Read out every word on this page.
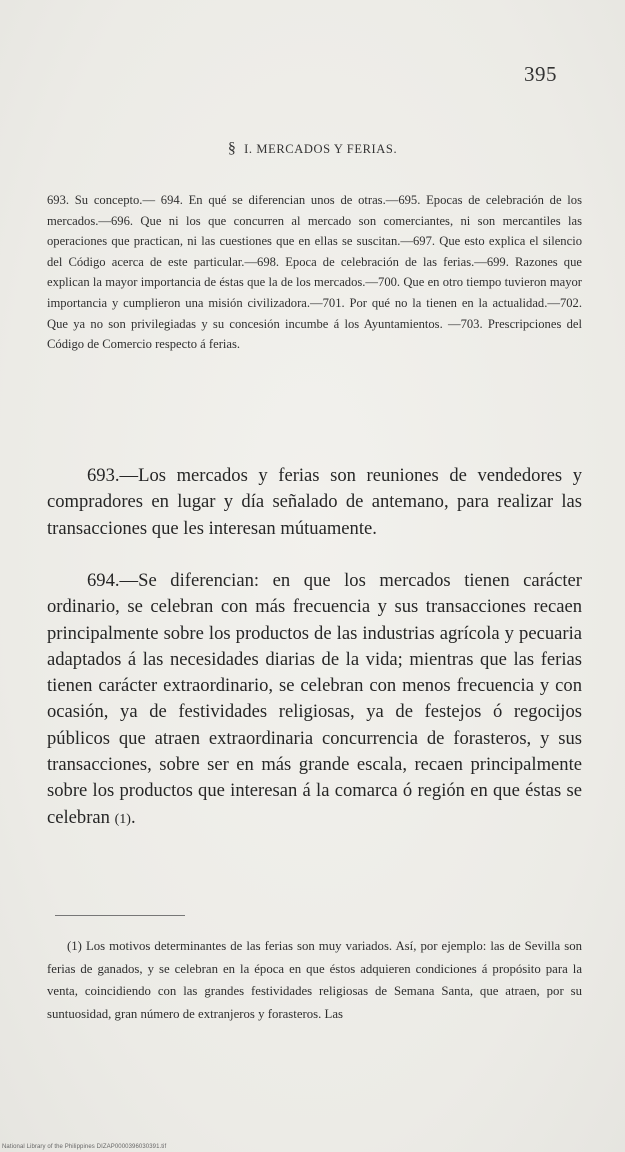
395
§ I. MERCADOS Y FERIAS.

693. Su concepto.— 694. En qué se diferencian unos de otras.—695. Epocas de celebración de los mercados.—696. Que ni los que concurren al mercado son comerciantes, ni son mercantiles las operaciones que practican, ni las cuestiones que en ellas se suscitan.—697. Que esto explica el silencio del Código acerca de este particular.—698. Epoca de celebración de las ferias.—699. Razones que explican la mayor importancia de éstas que la de los mercados.—700. Que en otro tiempo tuvieron mayor importancia y cumplieron una misión civilizadora.—701. Por qué no la tienen en la actualidad.—702. Que ya no son privilegiadas y su concesión incumbe á los Ayuntamientos. —703. Prescripciones del Código de Comercio respecto á ferias.

693.—Los mercados y ferias son reuniones de vendedores y compradores en lugar y día señalado de antemano, para realizar las transacciones que les interesan mútuamente.

694.—Se diferencian: en que los mercados tienen carácter ordinario, se celebran con más frecuencia y sus transacciones recaen principalmente sobre los productos de las industrias agrícola y pecuaria adaptados á las necesidades diarias de la vida; mientras que las ferias tienen carácter extraordinario, se celebran con menos frecuencia y con ocasión, ya de festividades religiosas, ya de festejos ó regocijos públicos que atraen extraordinaria concurrencia de forasteros, y sus transacciones, sobre ser en más grande escala, recaen principalmente sobre los productos que interesan á la comarca ó región en que éstas se celebran (1).

(1) Los motivos determinantes de las ferias son muy variados. Así, por ejemplo: las de Sevilla son ferias de ganados, y se celebran en la época en que éstos adquieren condiciones á propósito para la venta, coincidiendo con las grandes festividades religiosas de Semana Santa, que atraen, por su suntuosidad, gran número de extranjeros y forasteros. Las

National Library of the Philippines DIZAP0000396030391.tif
